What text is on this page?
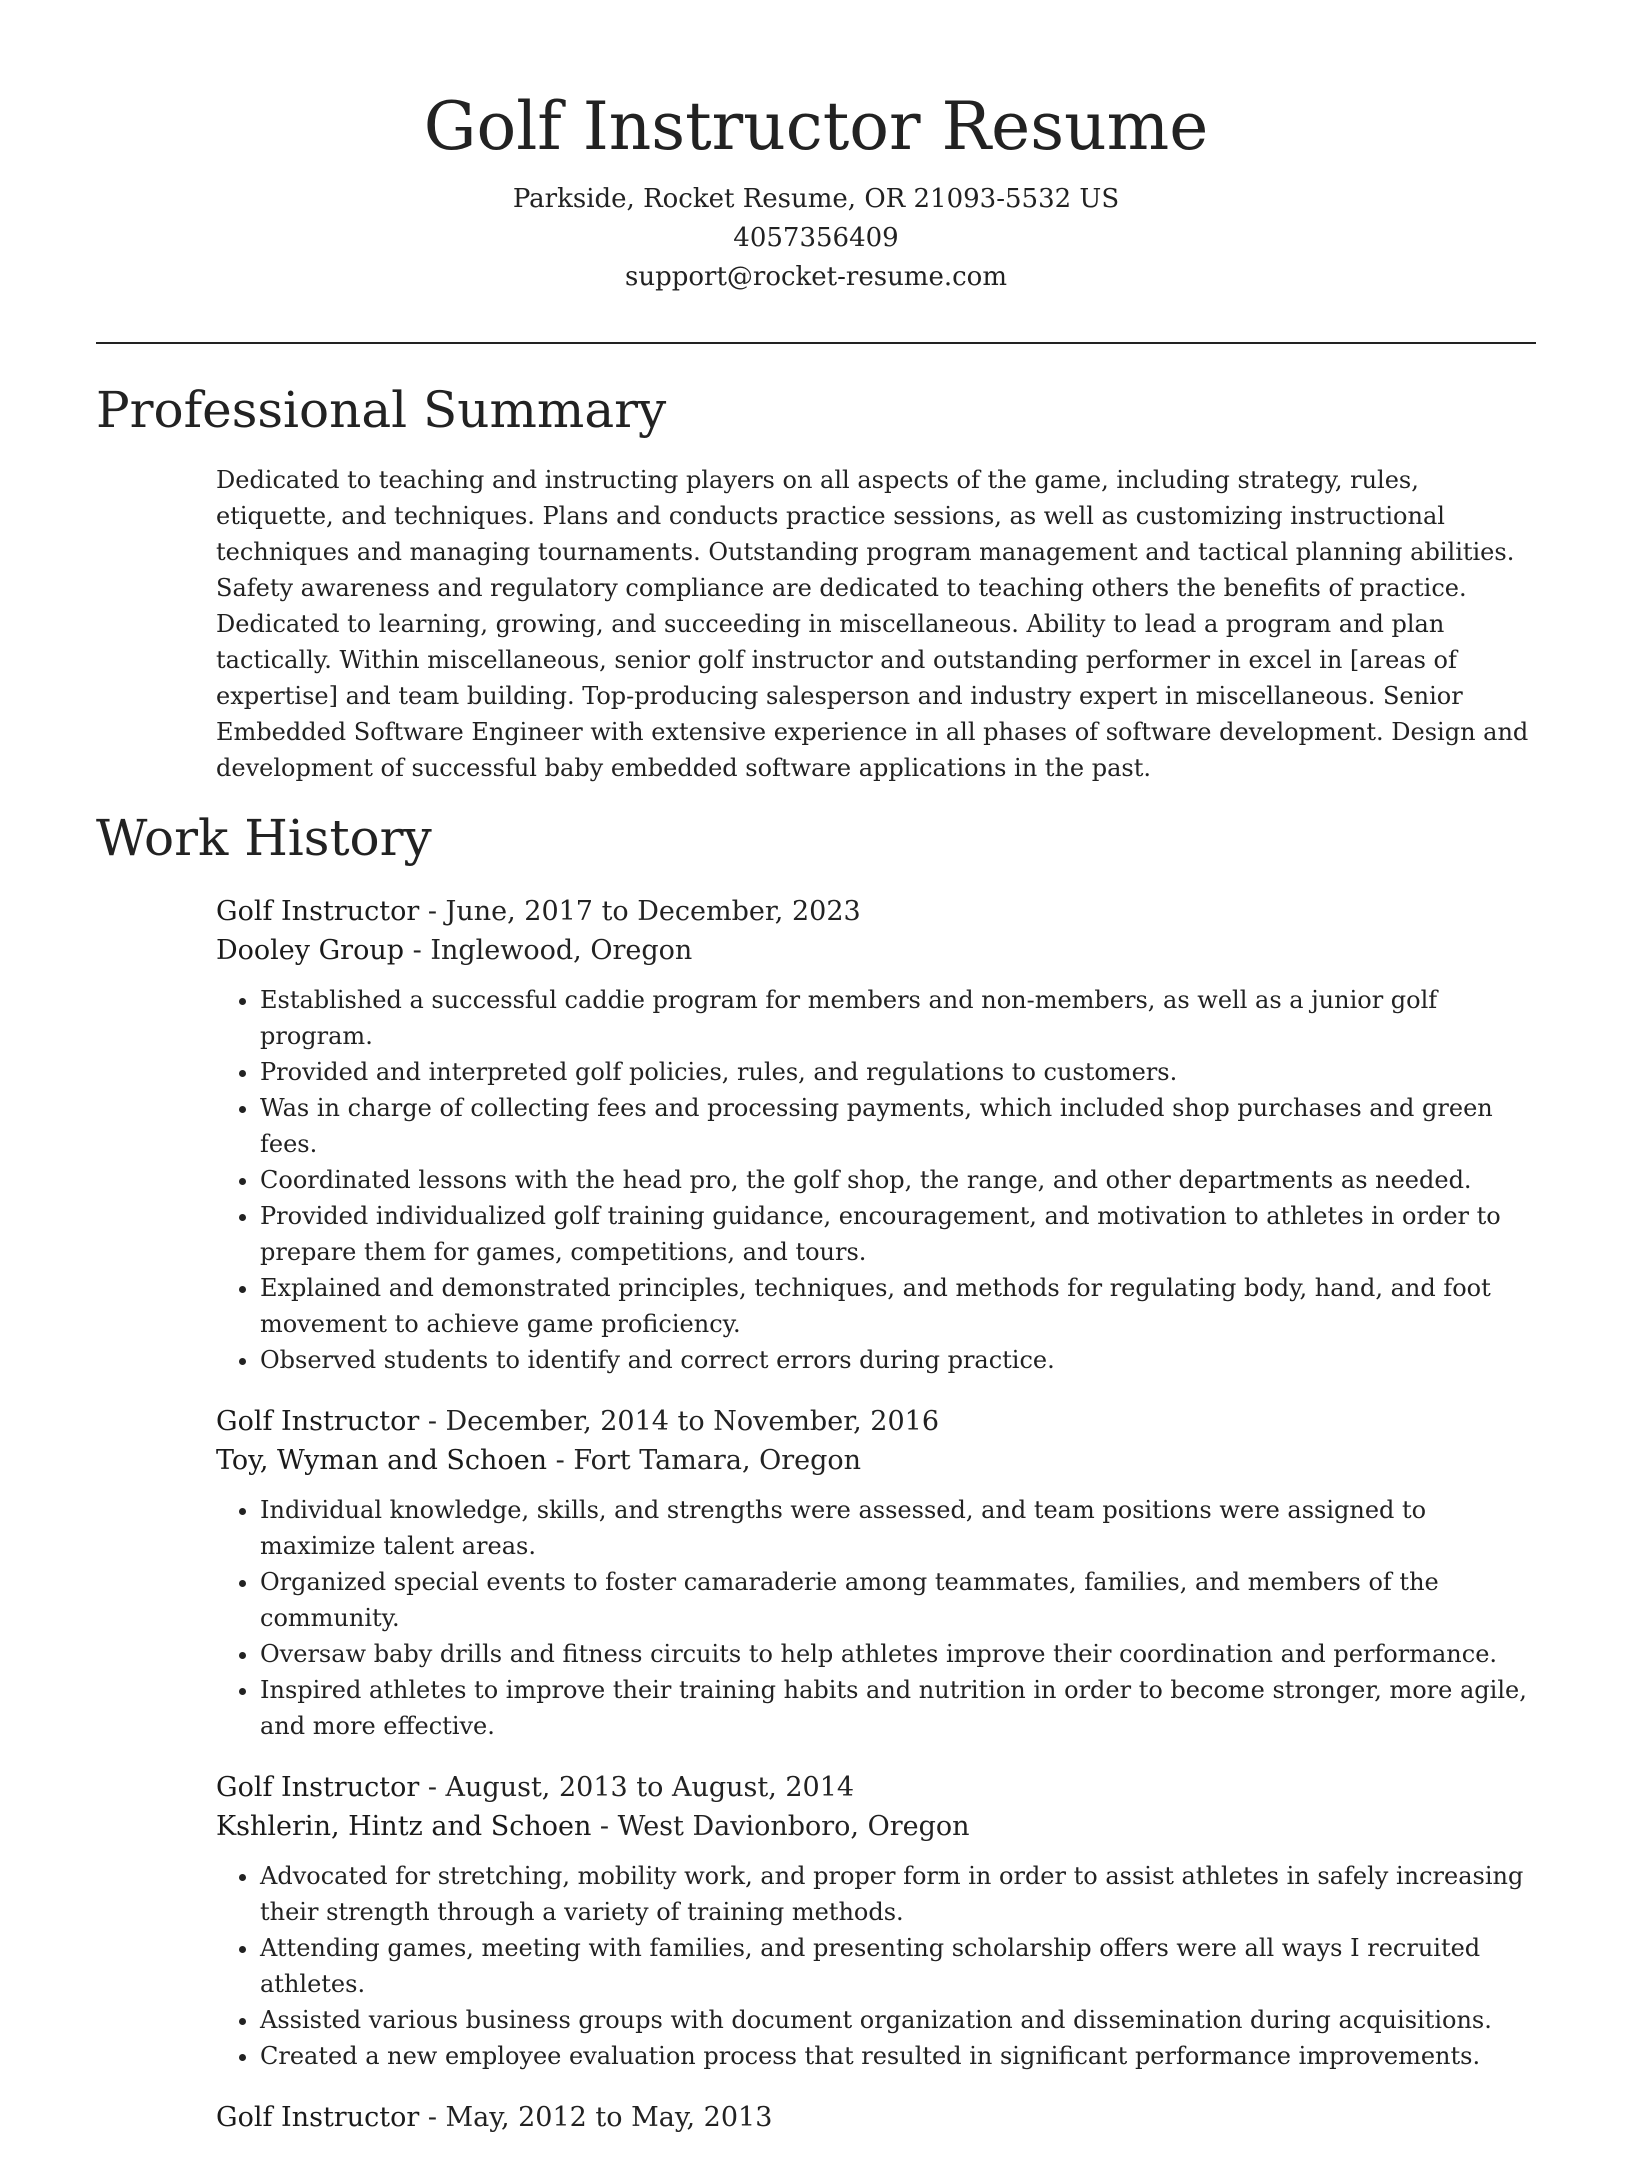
Golf Instructor Resume

Parkside, Rocket Resume, OR 21093-5532 US

4057356409

support@rocket-resume.com

Professional Summary

Dedicated to teaching and instructing players on all aspects of the game, including strategy, rules, etiquette, and techniques. Plans and conducts practice sessions, as well as customizing instructional techniques and managing tournaments. Outstanding program management and tactical planning abilities. Safety awareness and regulatory compliance are dedicated to teaching others the benefits of practice. Dedicated to learning, growing, and succeeding in miscellaneous. Ability to lead a program and plan tactically. Within miscellaneous, senior golf instructor and outstanding performer in excel in [areas of expertise] and team building. Top-producing salesperson and industry expert in miscellaneous. Senior Embedded Software Engineer with extensive experience in all phases of software development. Design and development of successful baby embedded software applications in the past.

Work History

Golf Instructor - June, 2017 to December, 2023

Dooley Group - Inglewood, Oregon

• Established a successful caddie program for members and non-members, as well as a junior golf program.
• Provided and interpreted golf policies, rules, and regulations to customers.
• Was in charge of collecting fees and processing payments, which included shop purchases and green fees.
• Coordinated lessons with the head pro, the golf shop, the range, and other departments as needed.
• Provided individualized golf training guidance, encouragement, and motivation to athletes in order to prepare them for games, competitions, and tours.
• Explained and demonstrated principles, techniques, and methods for regulating body, hand, and foot movement to achieve game proficiency.
• Observed students to identify and correct errors during practice.

Golf Instructor - December, 2014 to November, 2016

Toy, Wyman and Schoen - Fort Tamara, Oregon

• Individual knowledge, skills, and strengths were assessed, and team positions were assigned to maximize talent areas.
• Organized special events to foster camaraderie among teammates, families, and members of the community.
• Oversaw baby drills and fitness circuits to help athletes improve their coordination and performance.
• Inspired athletes to improve their training habits and nutrition in order to become stronger, more agile, and more effective.

Golf Instructor - August, 2013 to August, 2014

Kshlerin, Hintz and Schoen - West Davionboro, Oregon

• Advocated for stretching, mobility work, and proper form in order to assist athletes in safely increasing their strength through a variety of training methods.
• Attending games, meeting with families, and presenting scholarship offers were all ways I recruited athletes.
• Assisted various business groups with document organization and dissemination during acquisitions.
• Created a new employee evaluation process that resulted in significant performance improvements.

Golf Instructor - May, 2012 to May, 2013
